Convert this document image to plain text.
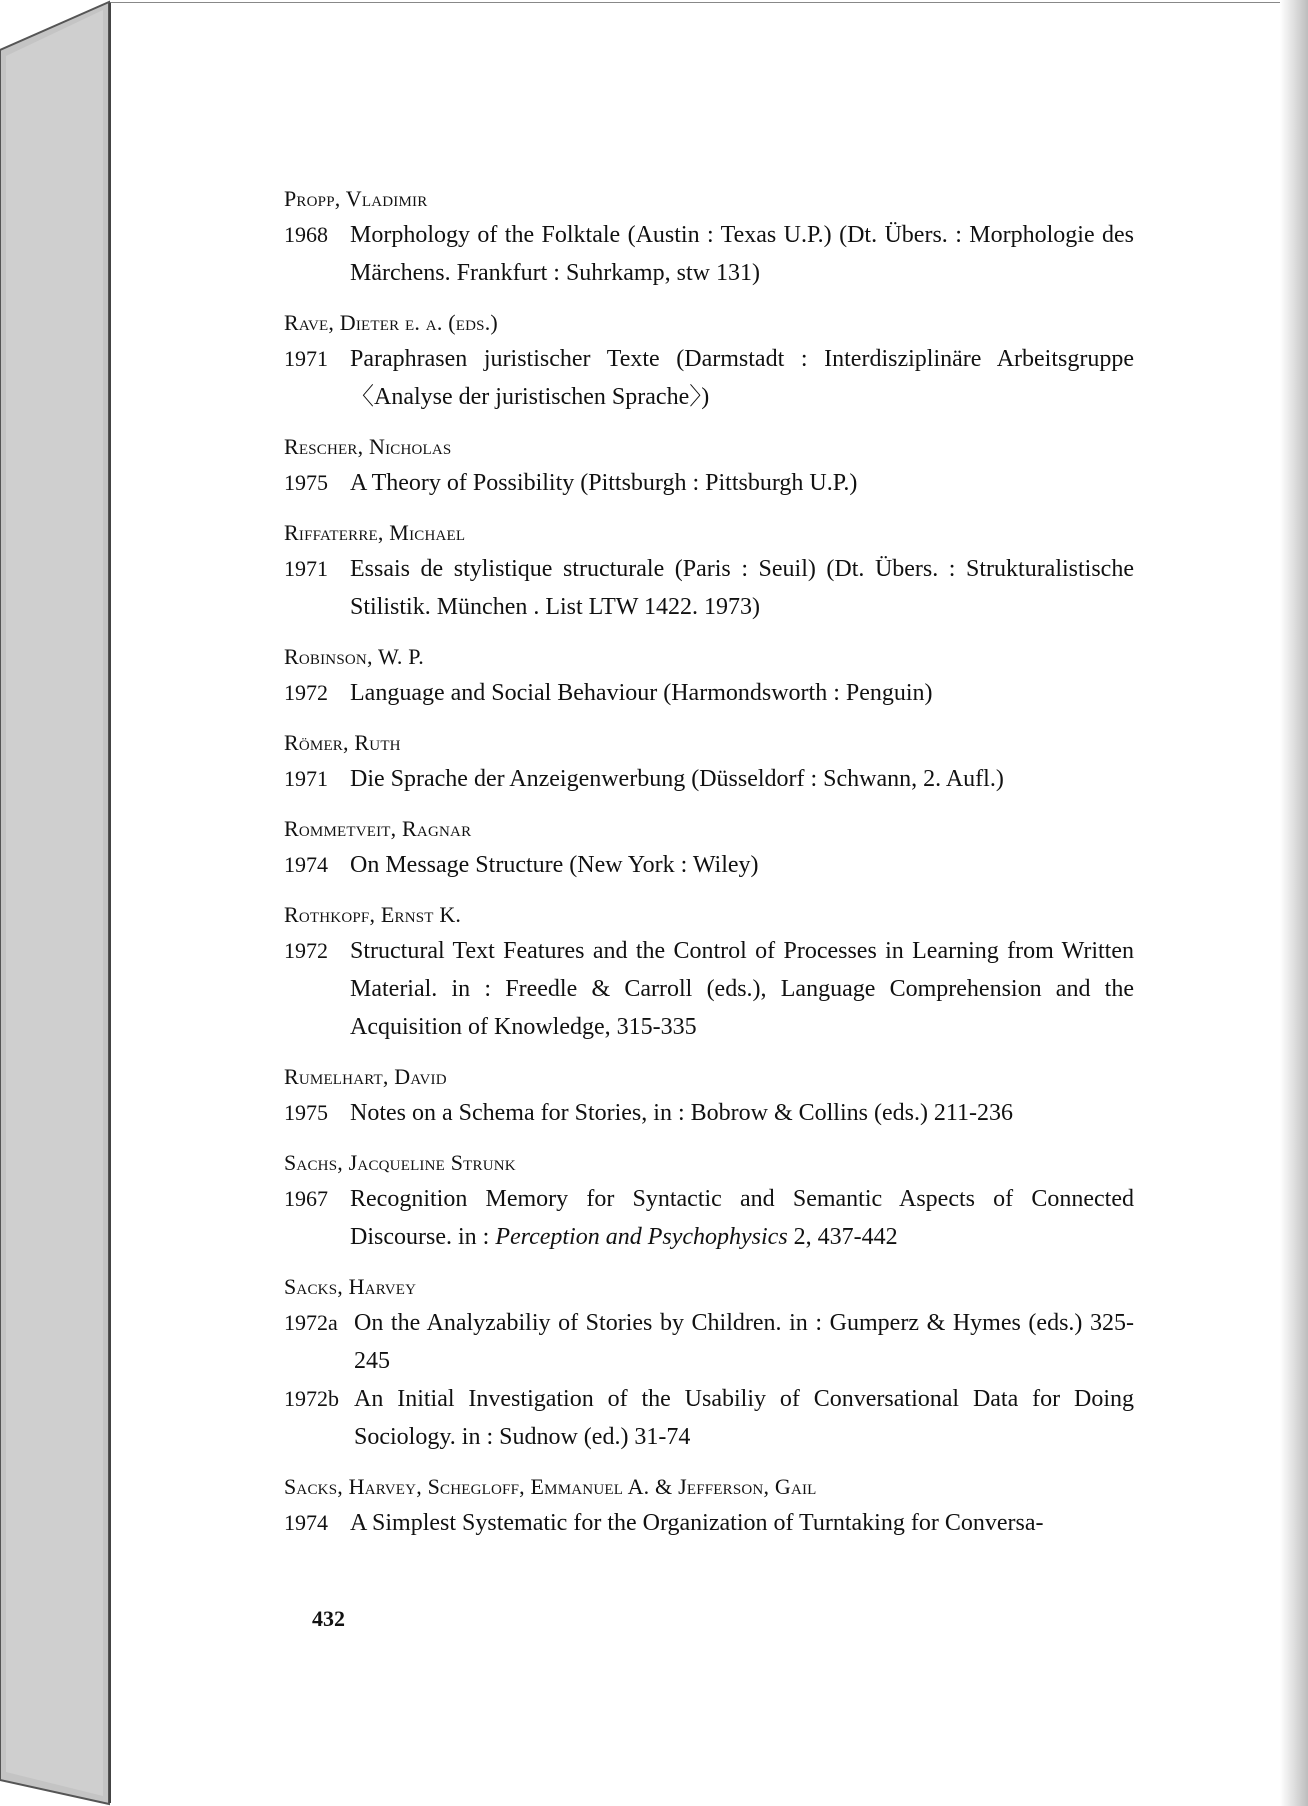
Propp, Vladimir
1968 Morphology of the Folktale (Austin : Texas U.P.) (Dt. Übers. : Morphologie des Märchens. Frankfurt : Suhrkamp, stw 131)
Rave, Dieter e. a. (eds.)
1971 Paraphrasen juristischer Texte (Darmstadt : Interdisziplinäre Arbeitsgruppe〈Analyse der juristischen Sprache〉)
Rescher, Nicholas
1975 A Theory of Possibility (Pittsburgh : Pittsburgh U.P.)
Riffaterre, Michael
1971 Essais de stylistique structurale (Paris : Seuil) (Dt. Übers. : Strukturalistische Stilistik. München . List LTW 1422. 1973)
Robinson, W. P.
1972 Language and Social Behaviour (Harmondsworth : Penguin)
Römer, Ruth
1971 Die Sprache der Anzeigenwerbung (Düsseldorf : Schwann, 2. Aufl.)
Rommetveit, Ragnar
1974 On Message Structure (New York : Wiley)
Rothkopf, Ernst K.
1972 Structural Text Features and the Control of Processes in Learning from Written Material. in : Freedle & Carroll (eds.), Language Comprehension and the Acquisition of Knowledge, 315-335
Rumelhart, David
1975 Notes on a Schema for Stories, in : Bobrow & Collins (eds.) 211-236
Sachs, Jacqueline Strunk
1967 Recognition Memory for Syntactic and Semantic Aspects of Connected Discourse. in : Perception and Psychophysics 2, 437-442
Sacks, Harvey
1972a On the Analyzabiliy of Stories by Children. in : Gumperz & Hymes (eds.) 325-245
1972b An Initial Investigation of the Usabiliy of Conversational Data for Doing Sociology. in : Sudnow (ed.) 31-74
Sacks, Harvey, Schegloff, Emmanuel A. & Jefferson, Gail
1974 A Simplest Systematic for the Organization of Turntaking for Conversa-
432
